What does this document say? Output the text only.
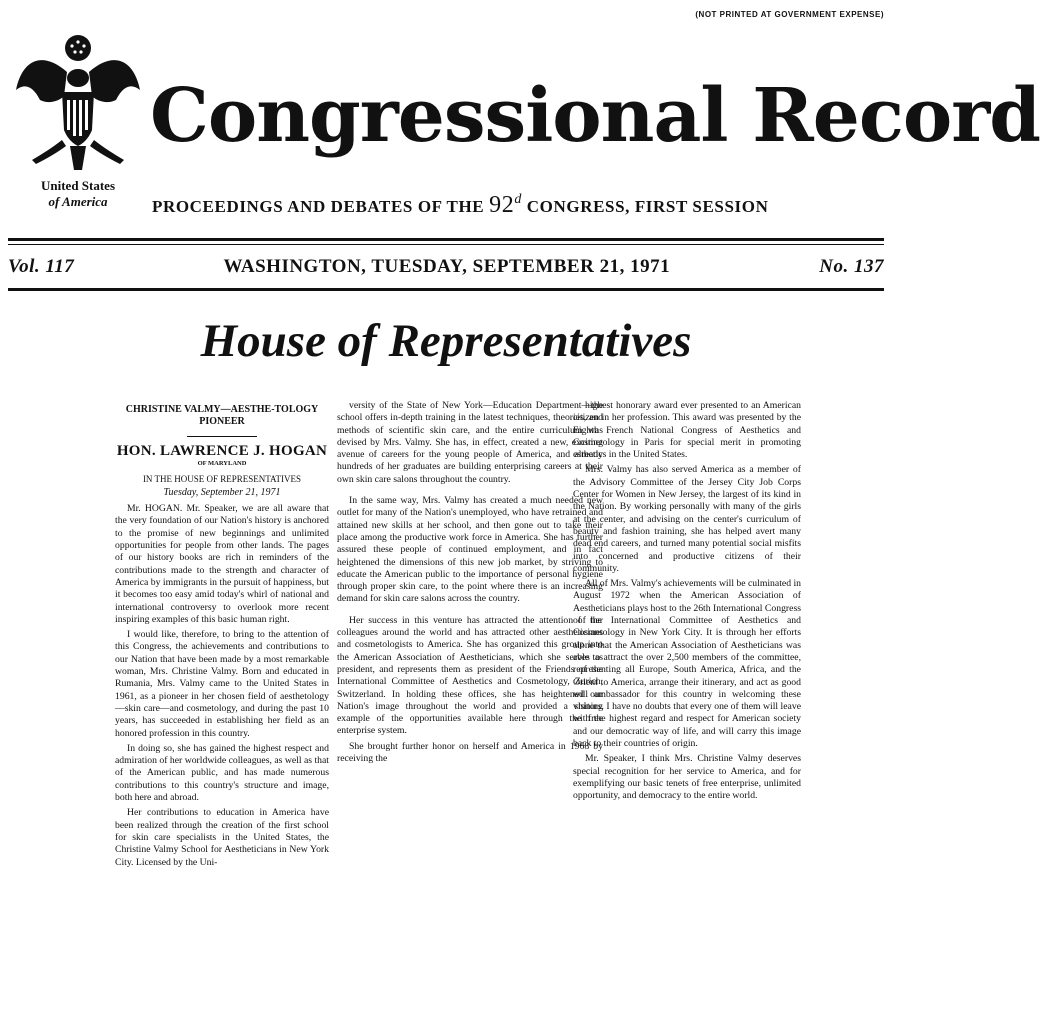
(NOT PRINTED AT GOVERNMENT EXPENSE)
United States
of America
Congressional Record
PROCEEDINGS AND DEBATES OF THE 92$^d$ CONGRESS, FIRST SESSION
Vol. 117	WASHINGTON, TUESDAY, SEPTEMBER 21, 1971	No. 137
House of Representatives
CHRISTINE VALMY—AESTHE-TOLOGY PIONEER
HON. LAWRENCE J. HOGAN
OF MARYLAND
IN THE HOUSE OF REPRESENTATIVES
Tuesday, September 21, 1971

Mr. HOGAN. Mr. Speaker, we are all aware that the very foundation of our Nation's history is anchored to the promise of new beginnings and unlimited opportunities for people from other lands. The pages of our history books are rich in reminders of the contributions made to the strength and character of America by immigrants in the pursuit of happiness, but it becomes too easy amid today's whirl of national and international controversy to overlook more recent inspiring examples of this basic human right.

I would like, therefore, to bring to the attention of this Congress, the achievements and contributions to our Nation that have been made by a most remarkable woman, Mrs. Christine Valmy. Born and educated in Rumania, Mrs. Valmy came to the United States in 1961, as a pioneer in her chosen field of aesthetology—skin care—and cosmetology, and during the past 10 years, has succeeded in establishing her field as an honored profession in this country.

In doing so, she has gained the highest respect and admiration of her worldwide colleagues, as well as that of the American public, and has made numerous contributions to this country's structure and image, both here and abroad.

Her contributions to education in America have been realized through the creation of the first school for skin care specialists in the United States, the Christine Valmy School for Aestheticians in New York City. Licensed by the Uni-

versity of the State of New York—Education Department—the school offers in-depth training in the latest techniques, theories, and methods of scientific skin care, and the entire curriculum was devised by Mrs. Valmy. She has, in effect, created a new, exciting avenue of careers for the young people of America, and already hundreds of her graduates are building enterprising careers at their own skin care salons throughout the country.

In the same way, Mrs. Valmy has created a much needed new outlet for many of the Nation's unemployed, who have retrained and attained new skills at her school, and then gone out to take their place among the productive work force in America. She has further assured these people of continued employment, and in fact heightened the dimensions of this new job market, by striving to educate the American public to the importance of personal hygiene through proper skin care, to the point where there is an increasing demand for skin care salons across the country.

Her success in this venture has attracted the attention of her colleagues around the world and has attracted other aestheticians and cosmetologists to America. She has organized this group into the American Association of Aestheticians, which she serves as president, and represents them as president of the Friends of the International Committee of Aesthetics and Cosmetology, Zurich, Switzerland. In holding these offices, she has heightened our Nation's image throughout the world and provided a shining example of the opportunities available here through the free enterprise system.

She brought further honor on herself and America in 1968 by receiving the

highest honorary award ever presented to an American citizen in her profession. This award was presented by the Eighth French National Congress of Aesthetics and Cosmetology in Paris for special merit in promoting esthetics in the United States.

Mrs. Valmy has also served America as a member of the Advisory Committee of the Jersey City Job Corps Center for Women in New Jersey, the largest of its kind in the Nation. By working personally with many of the girls at the center, and advising on the center's curriculum of beauty and fashion training, she has helped avert many dead end careers, and turned many potential social misfits into concerned and productive citizens of their community.

All of Mrs. Valmy's achievements will be culminated in August 1972 when the American Association of Aestheticians plays host to the 26th International Congress of the International Committee of Aesthetics and Cosmetology in New York City. It is through her efforts alone that the American Association of Aestheticians was able to attract the over 2,500 members of the committee, representing all Europe, South America, Africa, and the Orient to America, arrange their itinerary, and act as good will ambassador for this country in welcoming these visitors. I have no doubts that every one of them will leave with the highest regard and respect for American society and our democratic way of life, and will carry this image back to their countries of origin.

Mr. Speaker, I think Mrs. Christine Valmy deserves special recognition for her service to America, and for exemplifying our basic tenets of free enterprise, unlimited opportunity, and democracy to the entire world.
